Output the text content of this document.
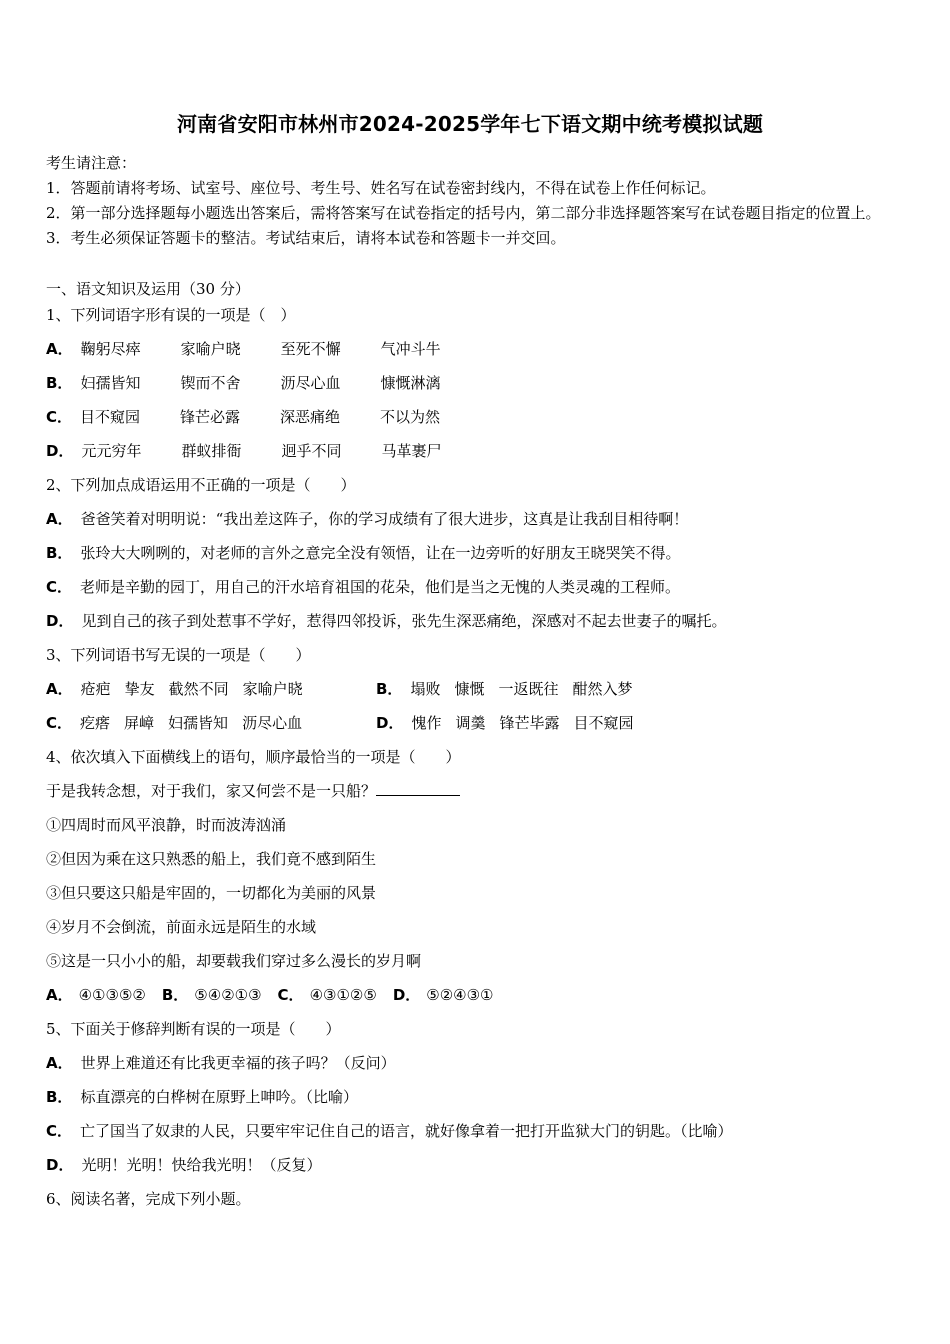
河南省安阳市林州市2024-2025学年七下语文期中统考模拟试题

考生请注意：

1．答题前请将考场、试室号、座位号、考生号、姓名写在试卷密封线内，不得在试卷上作任何标记。

2．第一部分选择题每小题选出答案后，需将答案写在试卷指定的括号内，第二部分非选择题答案写在试卷题目指定的位置上。

3．考生必须保证答题卡的整洁。考试结束后，请将本试卷和答题卡一并交回。

一、语文知识及运用（30 分）
1、下列词语字形有误的一项是（　）
A． 鞠躬尽瘁	家喻户晓	至死不懈	气冲斗牛
B． 妇孺皆知	锲而不舍	沥尽心血	慷慨淋漓
C． 目不窥园	锋芒必露	深恶痛绝	不以为然
D． 元元穷年	群蚁排衙	迥乎不同	马革裹尸
2、下列加点成语运用不正确的一项是（　　）
A． 爸爸笑着对明明说：“我出差这阵子，你的学习成绩有了很大进步，这真是让我刮目相待啊！
B． 张玲大大咧咧的，对老师的言外之意完全没有领悟，让在一边旁听的好朋友王晓哭笑不得。
C． 老师是辛勤的园丁，用自己的汗水培育祖国的花朵，他们是当之无愧的人类灵魂的工程师。
D． 见到自己的孩子到处惹事不学好，惹得四邻投诉，张先生深恶痛绝，深感对不起去世妻子的嘱托。
3、下列词语书写无误的一项是（　　）
A． 疮疤 挚友 截然不同 家喻户晓	B． 塌败 慷慨 一返既往 酣然入梦
C． 疙瘩 屏嶂 妇孺皆知 沥尽心血	D． 愧作 调羹 锋芒毕露 目不窥园
4、依次填入下面横线上的语句，顺序最恰当的一项是（　　）
于是我转念想，对于我们，家又何尝不是一只船？
①四周时而风平浪静，时而波涛汹涌
②但因为乘在这只熟悉的船上，我们竟不感到陌生
③但只要这只船是牢固的，一切都化为美丽的风景
④岁月不会倒流，前面永远是陌生的水域
⑤这是一只小小的船，却要载我们穿过多么漫长的岁月啊
A． ④①③⑤② B． ⑤④②①③ C． ④③①②⑤ D． ⑤②④③①
5、下面关于修辞判断有误的一项是（　　）
A． 世界上难道还有比我更幸福的孩子吗？（反问）
B． 标直漂亮的白桦树在原野上呻吟。（比喻）
C． 亡了国当了奴隶的人民，只要牢牢记住自己的语言，就好像拿着一把打开监狱大门的钥匙。（比喻）
D． 光明！光明！快给我光明！（反复）
6、阅读名著，完成下列小题。
